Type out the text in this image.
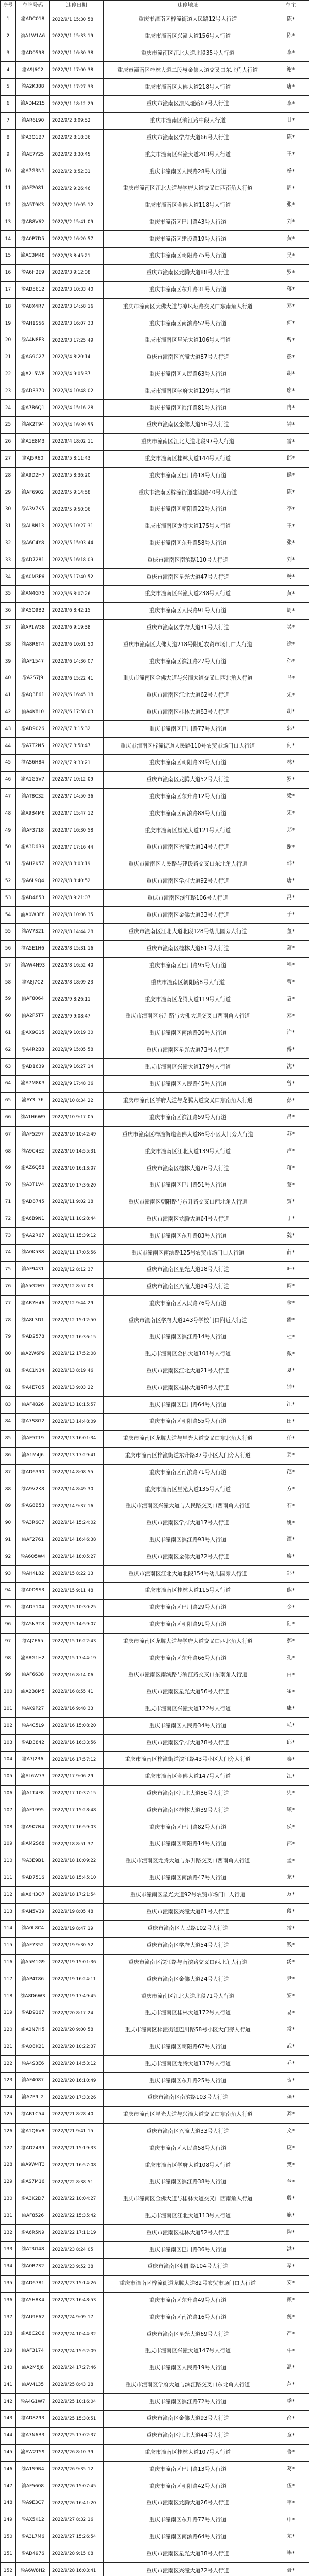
序号	车牌号码	违停日期	违停地址	车主
1	渝ADC018	2022/9/1 15:30:58	重庆市潼南区梓潼街道人民路12号人行道	陈*
2	渝A1W1A6	2022/9/1 15:33:19	重庆市潼南区兴潼大道156号人行道	陈*
3	渝AD0598	2022/9/1 16:30:38	重庆市潼南区江北大道北段35号人行道	李*
4	渝A9J6C2	2022/9/1 17:00:38	重庆市潼南区桂林大道二段与金佛大道交叉口东北角人行道	谢*
5	渝A2K388	2022/9/1 17:27:33	重庆市潼南区大佛大道218号人行道	唐*
6	渝ADM215	2022/9/1 18:12:29	重庆市潼南区凉风垭路67号人行道	李*
7	渝AR6L90	2022/9/2 8:09:52	重庆市潼南区滨江路中段人行道	甘*
8	渝A3Q1B7	2022/9/2 8:18:36	重庆市潼南区学府大道66号人行道	陈*
9	渝AE7Y25	2022/9/2 8:30:45	重庆市潼南区兴潼大道203号人行道	王*
10	渝A7G3N1	2022/9/2 8:52:31	重庆市潼南区人民路28号人行道	杨*
11	渝AF2081	2022/9/2 9:26:46	重庆市潼南区江北大道与学府大道交叉口西南角人行道	周*
12	渝A5T9K3	2022/9/2 10:05:12	重庆市潼南区金佛大道118号人行道	张*
13	渝AB8V62	2022/9/2 15:41:09	重庆市潼南区巴川路43号人行道	刘*
14	渝A0P7D5	2022/9/2 16:20:57	重庆市潼南区建设路19号人行道	黄*
15	渝AC3M48	2022/9/3 8:45:21	重庆市潼南区朝阳路75号人行道	吴*
16	渝A6H2E9	2022/9/3 9:12:08	重庆市潼南区龙腾大道88号人行道	罗*
17	渝AD5612	2022/9/3 10:33:40	重庆市潼南区东升路31号人行道	蒋*
18	渝A8X4R7	2022/9/3 14:58:16	重庆市潼南区大佛大道与凉风垭路交叉口东南角人行道	邓*
19	渝AH1S56	2022/9/3 16:07:33	重庆市潼南区南滨路52号人行道	何*
20	渝A4N8F3	2022/9/3 17:25:49	重庆市潼南区星光大道106号人行道	曾*
21	渝AG9C27	2022/9/4 8:20:14	重庆市潼南区兴潼大道87号人行道	彭*
22	渝A2L5W8	2022/9/4 9:05:37	重庆市潼南区人民路63号人行道	胡*
23	渝AD3370	2022/9/4 10:48:02	重庆市潼南区学府大道129号人行道	廖*
24	渝A7B6Q1	2022/9/4 15:16:28	重庆市潼南区滨江路81号人行道	冉*
25	渝AK2T94	2022/9/4 16:39:55	重庆市潼南区金佛大道56号人行道	钟*
26	渝A1E8M3	2022/9/4 18:02:11	重庆市潼南区江北大道北段97号人行道	雷*
27	渝AJ5R60	2022/9/5 8:11:43	重庆市潼南区桂林大道144号人行道	邱*
28	渝A9D2H7	2022/9/5 8:36:20	重庆市潼南区巴川路18号人行道	熊*
29	渝AF6902	2022/9/5 9:14:58	重庆市潼南区梓潼街道建设路40号人行道	陈*
30	渝A3V7K5	2022/9/5 9:50:06	重庆市潼南区朝阳路22号人行道	李*
31	渝AL8N13	2022/9/5 10:27:31	重庆市潼南区龙腾大道175号人行道	王*
32	渝A6C4Y8	2022/9/5 15:03:44	重庆市潼南区东升路58号人行道	张*
33	渝AD7281	2022/9/5 16:18:09	重庆市潼南区南滨路110号人行道	刘*
34	渝A0M3P6	2022/9/5 17:40:52	重庆市潼南区星光大道47号人行道	杨*
35	渝AN4G75	2022/9/6 8:07:26	重庆市潼南区兴潼大道238号人行道	黄*
36	渝A5Q9B2	2022/9/6 8:42:15	重庆市潼南区人民路91号人行道	周*
37	渝AP1W38	2022/9/6 9:19:38	重庆市潼南区学府大道31号人行道	吴*
38	渝A8R6T4	2022/9/6 10:01:50	重庆市潼南区大佛大道218号附近农贸市场门口人行道	徐*
39	渝AF1547	2022/9/6 14:36:07	重庆市潼南区滨江路27号人行道	孙*
40	渝A2S7J9	2022/9/6 15:22:41	重庆市潼南区金佛大道与兴潼大道交叉口西北角人行道	马*
41	渝AQ3E61	2022/9/6 16:45:18	重庆市潼南区江北大道62号人行道	朱*
42	渝A4K8L0	2022/9/6 17:58:03	重庆市潼南区桂林大道83号人行道	胡*
43	渝AD9026	2022/9/7 8:15:32	重庆市潼南区巴川路77号人行道	郭*
44	渝A7T2N5	2022/9/7 8:58:47	重庆市潼南区梓潼街道人民路110号农贸市场门口人行道	何*
45	渝AS6H84	2022/9/7 9:33:21	重庆市潼南区朝阳路39号人行道	林*
46	渝A1G5V7	2022/9/7 10:12:09	重庆市潼南区龙腾大道52号人行道	罗*
47	渝AT8C32	2022/9/7 14:50:36	重庆市潼南区东升路12号人行道	梁*
48	渝A9B4M6	2022/9/7 15:47:12	重庆市潼南区南滨路88号人行道	宋*
49	渝AF3718	2022/9/7 16:30:58	重庆市潼南区星光大道121号人行道	郑*
50	渝A3D6R9	2022/9/7 17:16:44	重庆市潼南区兴潼大道14号人行道	谢*
51	渝AU2K57	2022/9/8 8:03:19	重庆市潼南区人民路与建设路交叉口东北角人行道	韩*
52	渝A6L9Q4	2022/9/8 8:40:52	重庆市潼南区学府大道92号人行道	唐*
53	渝AD4853	2022/9/8 9:21:07	重庆市潼南区滨江路106号人行道	冯*
54	渝A0W3F8	2022/9/8 10:06:35	重庆市潼南区金佛大道33号人行道	于*
55	渝AV7S21	2022/9/8 14:44:28	重庆市潼南区江北大道北段128号幼儿园旁人行道	董*
56	渝A5E1H6	2022/9/8 15:31:16	重庆市潼南区桂林大道61号人行道	萧*
57	渝AW4N93	2022/9/8 16:52:40	重庆市潼南区巴川路95号人行道	程*
58	渝A8J7C2	2022/9/8 18:09:23	重庆市潼南区朝阳路8号人行道	曹*
59	渝AF8064	2022/9/9 8:26:11	重庆市潼南区龙腾大道119号人行道	袁*
60	渝A2P5T7	2022/9/9 9:08:47	重庆市潼南区东升路与大佛大道交叉口西南角人行道	邓*
61	渝AX9G15	2022/9/9 10:19:30	重庆市潼南区南滨路36号人行道	许*
62	渝A4R2B8	2022/9/9 15:05:58	重庆市潼南区星光大道73号人行道	傅*
63	渝AD1639	2022/9/9 16:27:14	重庆市潼南区兴潼大道179号人行道	沈*
64	渝A7M8K3	2022/9/9 17:48:36	重庆市潼南区人民路45号人行道	曾*
65	渝AY3L76	2022/9/10 8:34:22	重庆市潼南区学府大道与龙腾大道交叉口东南角人行道	彭*
66	渝A1H6W9	2022/9/10 9:17:05	重庆市潼南区滨江路59号人行道	吕*
67	渝AF5297	2022/9/10 10:42:49	重庆市潼南区梓潼街道金佛大道86号小区大门旁人行道	苏*
68	渝A9C4E2	2022/9/10 14:55:31	重庆市潼南区江北大道139号人行道	卢*
69	渝AZ6Q58	2022/9/10 16:13:07	重庆市潼南区桂林大道26号人行道	蒋*
70	渝A3T1V4	2022/9/10 17:36:20	重庆市潼南区巴川路51号人行道	蔡*
71	渝AD8745	2022/9/11 9:02:18	重庆市潼南区朝阳路与东升路交叉口西北角人行道	贾*
72	渝A6B9N1	2022/9/11 10:28:44	重庆市潼南区龙腾大道64号人行道	丁*
73	渝AA2R67	2022/9/11 15:39:12	重庆市潼南区东升路83号人行道	魏*
74	渝A0K5S8	2022/9/11 17:05:56	重庆市潼南区南滨路125号农贸市场门口人行道	薛*
75	渝AF9431	2022/9/12 8:12:37	重庆市潼南区星光大道18号人行道	叶*
76	渝A5G2M7	2022/9/12 8:57:03	重庆市潼南区兴潼大道94号人行道	阎*
77	渝AB7H46	2022/9/12 9:44:29	重庆市潼南区人民路76号人行道	余*
78	渝A8L3D1	2022/9/12 15:12:50	重庆市潼南区学府大道143号学校门口附近人行道	潘*
79	渝AD2578	2022/9/12 16:36:15	重庆市潼南区滨江路14号人行道	杜*
80	渝A2W6P9	2022/9/12 17:52:08	重庆市潼南区金佛大道101号人行道	戴*
81	渝AC1N34	2022/9/13 8:19:46	重庆市潼南区江北大道21号人行道	夏*
82	渝A4E7Q5	2022/9/13 9:03:22	重庆市潼南区桂林大道98号人行道	钟*
83	渝AF4826	2022/9/13 10:15:57	重庆市潼南区巴川路64号人行道	汪*
84	渝A7S8G2	2022/9/13 14:48:09	重庆市潼南区朝阳路55号人行道	田*
85	渝AE5T19	2022/9/13 16:01:34	重庆市潼南区龙腾大道与星光大道交叉口东北角人行道	任*
86	渝A1M4J6	2022/9/13 17:29:41	重庆市潼南区梓潼街道东升路37号小区大门旁人行道	姜*
87	渝AD6390	2022/9/14 8:08:55	重庆市潼南区南滨路71号人行道	范*
88	渝A9V2K8	2022/9/14 8:49:30	重庆市潼南区星光大道135号人行道	方*
89	渝AG8B53	2022/9/14 9:37:16	重庆市潼南区兴潼大道与人民路交叉口西南角人行道	石*
90	渝A3R6C7	2022/9/14 15:24:02	重庆市潼南区学府大道17号人行道	姚*
91	渝AF2761	2022/9/14 16:46:38	重庆市潼南区滨江路93号人行道	谭*
92	渝A6Q5W4	2022/9/14 18:05:27	重庆市潼南区金佛大道72号人行道	廖*
93	渝AH4L82	2022/9/15 8:22:13	重庆市潼南区江北大道北段154号幼儿园旁人行道	邹*
94	渝A0D9S3	2022/9/15 9:11:48	重庆市潼南区桂林大道115号人行道	熊*
95	渝AD5104	2022/9/15 10:30:25	重庆市潼南区巴川路29号人行道	金*
96	渝A5N3T8	2022/9/15 14:59:07	重庆市潼南区朝阳路91号人行道	陆*
97	渝AJ7E65	2022/9/15 16:22:43	重庆市潼南区龙腾大道与学府大道交叉口西北角人行道	郝*
98	渝A8G1H2	2022/9/15 17:44:19	重庆市潼南区东升路66号人行道	孔*
99	渝AF6638	2022/9/16 8:14:06	重庆市潼南区南滨路与滨江路交叉口东南角人行道	白*
100	渝A2B8M5	2022/9/16 8:55:41	重庆市潼南区星光大道56号人行道	崔*
101	渝AK9P27	2022/9/16 9:48:33	重庆市潼南区兴潼大道122号人行道	康*
102	渝A4C5L9	2022/9/16 15:08:20	重庆市潼南区人民路34号人行道	毛*
103	渝AD3842	2022/9/16 16:33:56	重庆市潼南区学府大道78号人行道	邱*
104	渝A7J2R6	2022/9/16 17:57:12	重庆市潼南区梓潼街道滨江路43号小区大门旁人行道	秦*
105	渝AL6W73	2022/9/17 9:06:29	重庆市潼南区金佛大道147号人行道	江*
106	渝A1T4F8	2022/9/17 10:37:15	重庆市潼南区江北大道86号人行道	史*
107	渝AF1995	2022/9/17 15:28:48	重庆市潼南区桂林大道39号人行道	顾*
108	渝A9K7N4	2022/9/17 16:59:03	重庆市潼南区巴川路82号人行道	侯*
109	渝AM2S68	2022/9/18 8:51:37	重庆市潼南区朝阳路14号人行道	邵*
110	渝A3E9B1	2022/9/18 10:09:22	重庆市潼南区龙腾大道与东升路交叉口西南角人行道	孟*
111	渝AD7516	2022/9/18 15:45:10	重庆市潼南区南滨路47号人行道	龙*
112	渝A6H3Q7	2022/9/18 17:21:54	重庆市潼南区星光大道92号农贸市场门口人行道	万*
113	渝AN5V39	2022/9/19 8:05:48	重庆市潼南区兴潼大道61号人行道	段*
114	渝A0L8C4	2022/9/19 8:47:19	重庆市潼南区人民路102号人行道	雷*
115	渝AF7352	2022/9/19 9:30:52	重庆市潼南区学府大道54号人行道	钱*
116	渝A5M1G9	2022/9/19 15:01:36	重庆市潼南区滨江路与南滨路交叉口西北角人行道	汤*
117	渝AP4T86	2022/9/19 16:24:11	重庆市潼南区金佛大道24号人行道	尹*
118	渝A8D6W3	2022/9/19 17:49:45	重庆市潼南区江北大道北段71号人行道	黎*
119	渝AD9167	2022/9/20 8:17:24	重庆市潼南区桂林大道172号人行道	易*
120	渝A2N7H5	2022/9/20 9:00:58	重庆市潼南区梓潼街道巴川路58号小区大门旁人行道	常*
121	渝AQ8K21	2022/9/20 10:22:37	重庆市潼南区朝阳路67号人行道	武*
122	渝A4S3E6	2022/9/20 14:53:12	重庆市潼南区龙腾大道137号人行道	乔*
123	渝AF4087	2022/9/20 16:10:49	重庆市潼南区东升路25号人行道	贺*
124	渝A7P9L2	2022/9/20 17:33:26	重庆市潼南区南滨路103号人行道	赖*
125	渝AR1C54	2022/9/21 8:28:40	重庆市潼南区星光大道与兴潼大道交叉口东南角人行道	龚*
126	渝A1Q6V8	2022/9/21 9:41:15	重庆市潼南区兴潼大道33号人行道	文*
127	渝AD2439	2022/9/21 15:19:33	重庆市潼南区人民路58号人行道	庞*
128	渝A9W4T3	2022/9/21 16:57:08	重庆市潼南区学府大道108号人行道	樊*
129	渝AS7M16	2022/9/22 8:38:51	重庆市潼南区滨江路38号人行道	兰*
130	渝A3K2D7	2022/9/22 10:04:27	重庆市潼南区金佛大道与桂林大道交叉口西南角人行道	殷*
131	渝AF8526	2022/9/22 15:35:42	重庆市潼南区江北大道113号人行道	施*
132	渝A6R5N9	2022/9/22 17:11:19	重庆市潼南区桂林大道52号人行道	陶*
133	渝AT3G48	2022/9/23 8:24:05	重庆市潼南区巴川路36号人行道	洪*
134	渝A0B7S2	2022/9/23 9:52:38	重庆市潼南区朝阳路104号人行道	翟*
135	渝AD6781	2022/9/23 15:14:26	重庆市潼南区梓潼街道龙腾大道82号农贸市场门口人行道	安*
136	渝A5H8K4	2022/9/23 16:48:53	重庆市潼南区东升路49号人行道	颜*
137	渝AU9E62	2022/9/24 9:09:17	重庆市潼南区南滨路16号人行道	倪*
138	渝A8C2Q6	2022/9/24 10:44:32	重庆市潼南区星光大道69号人行道	严*
139	渝AF3174	2022/9/24 15:52:09	重庆市潼南区兴潼大道147号人行道	牛*
140	渝A2M5J8	2022/9/24 17:27:46	重庆市潼南区人民路19号人行道	温*
141	渝AV4L35	2022/9/25 8:43:28	重庆市潼南区学府大道与滨江路交叉口东北角人行道	芦*
142	渝A4G1W7	2022/9/25 10:16:04	重庆市潼南区滨江路72号人行道	季*
143	渝AD8293	2022/9/25 15:30:51	重庆市潼南区金佛大道93号人行道	俞*
144	渝A7N6B3	2022/9/25 17:02:37	重庆市潼南区江北大道44号人行道	章*
145	渝AW2T59	2022/9/26 8:10:39	重庆市潼南区桂林大道107号人行道	鲁*
146	渝A1S9R4	2022/9/26 9:35:12	重庆市潼南区巴川路13号人行道	葛*
147	渝AF5608	2022/9/26 15:07:45	重庆市潼南区朝阳路42号人行道	伍*
148	渝A9E3C7	2022/9/26 16:41:20	重庆市潼南区龙腾大道26号人行道	韦*
149	渝AX5K12	2022/9/27 8:32:16	重庆市潼南区东升路77号人行道	申*
150	渝A3L7M6	2022/9/27 15:26:54	重庆市潼南区南滨路64号人行道	尤*
151	渝AD4976	2022/9/28 9:15:08	重庆市潼南区星光大道38号人行道	毕*
152	渝A6W8H2	2022/9/28 16:03:41	重庆市潼南区兴潼大道72号人行道	聂*
